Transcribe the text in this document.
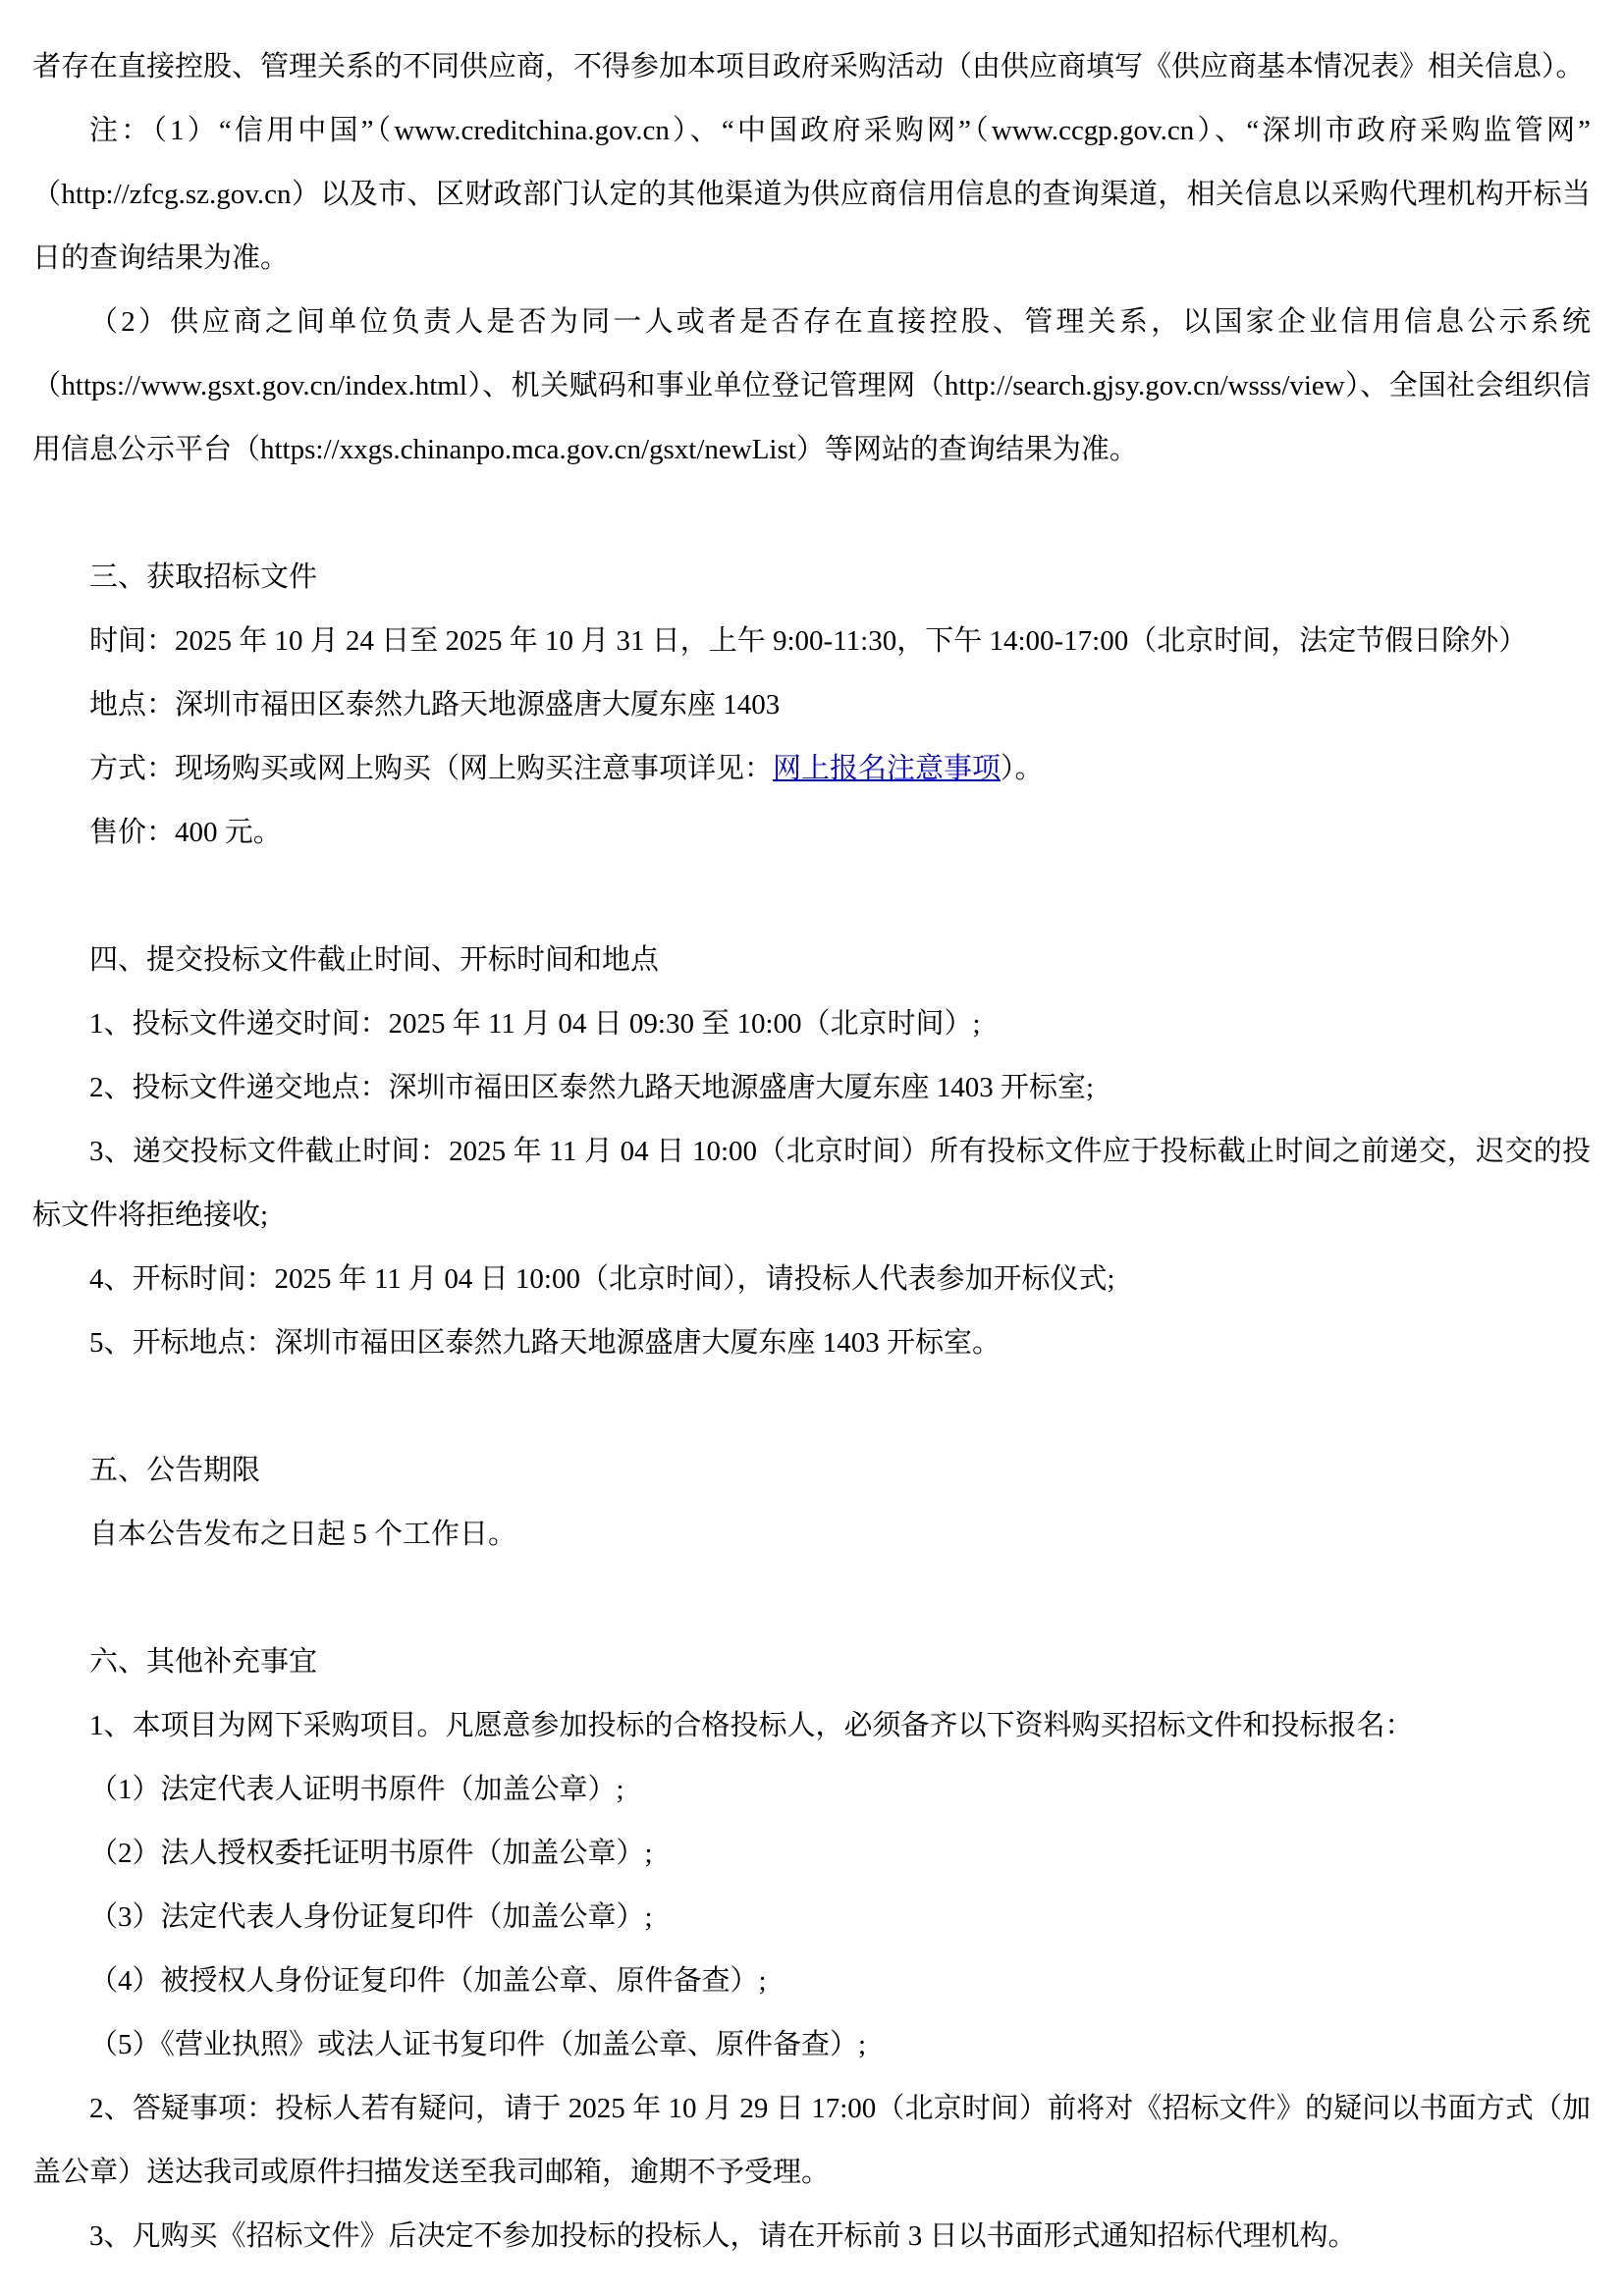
者存在直接控股、管理关系的不同供应商，不得参加本项目政府采购活动（由供应商填写《供应商基本情况表》相关信息）。

注：（1）“信用中国”（www.creditchina.gov.cn）、“中国政府采购网”（www.ccgp.gov.cn）、“深圳市政府采购监管网”（http://zfcg.sz.gov.cn）以及市、区财政部门认定的其他渠道为供应商信用信息的查询渠道，相关信息以采购代理机构开标当日的查询结果为准。

（2）供应商之间单位负责人是否为同一人或者是否存在直接控股、管理关系，以国家企业信用信息公示系统（https://www.gsxt.gov.cn/index.html）、机关赋码和事业单位登记管理网（http://search.gjsy.gov.cn/wsss/view）、全国社会组织信用信息公示平台（https://xxgs.chinanpo.mca.gov.cn/gsxt/newList）等网站的查询结果为准。

三、获取招标文件

时间：2025 年 10 月 24 日至 2025 年 10 月 31 日，上午 9:00-11:30，下午 14:00-17:00（北京时间，法定节假日除外）

地点：深圳市福田区泰然九路天地源盛唐大厦东座 1403

方式：现场购买或网上购买（网上购买注意事项详见：网上报名注意事项）。

售价：400 元。

四、提交投标文件截止时间、开标时间和地点

1、投标文件递交时间：2025 年 11 月 04 日 09:30 至 10:00（北京时间）;

2、投标文件递交地点：深圳市福田区泰然九路天地源盛唐大厦东座 1403 开标室;

3、递交投标文件截止时间：2025 年 11 月 04 日 10:00（北京时间）所有投标文件应于投标截止时间之前递交，迟交的投标文件将拒绝接收;

4、开标时间：2025 年 11 月 04 日 10:00（北京时间），请投标人代表参加开标仪式;

5、开标地点：深圳市福田区泰然九路天地源盛唐大厦东座 1403 开标室。

五、公告期限

自本公告发布之日起 5 个工作日。

六、其他补充事宜

1、本项目为网下采购项目。凡愿意参加投标的合格投标人，必须备齐以下资料购买招标文件和投标报名：

（1）法定代表人证明书原件（加盖公章）;

（2）法人授权委托证明书原件（加盖公章）;

（3）法定代表人身份证复印件（加盖公章）;

（4）被授权人身份证复印件（加盖公章、原件备查）;

（5）《营业执照》或法人证书复印件（加盖公章、原件备查）;

2、答疑事项：投标人若有疑问，请于 2025 年 10 月 29 日 17:00（北京时间）前将对《招标文件》的疑问以书面方式（加盖公章）送达我司或原件扫描发送至我司邮箱，逾期不予受理。

3、凡购买《招标文件》后决定不参加投标的投标人，请在开标前 3 日以书面形式通知招标代理机构。
